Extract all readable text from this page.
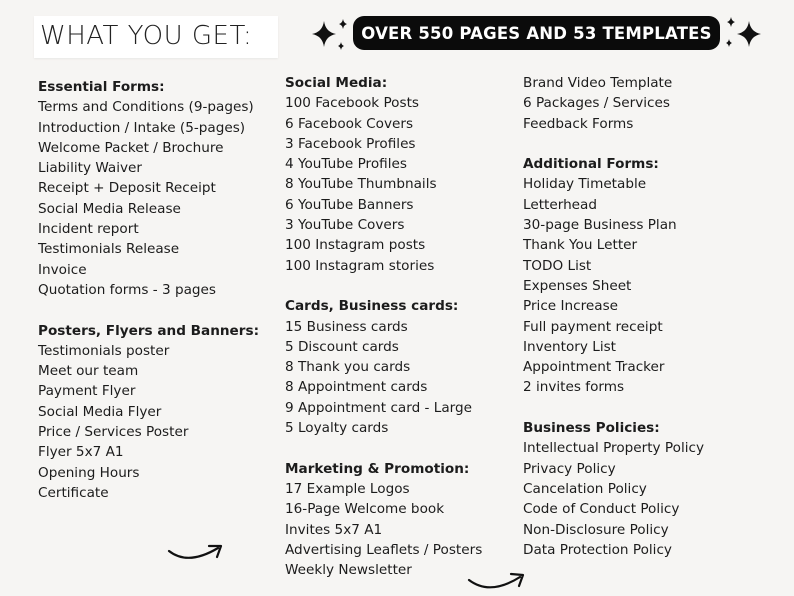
WHAT YOU GET:	OVER 550 PAGES AND 53 TEMPLATES
Essential Forms:
Terms and Conditions (9-pages)
Introduction / Intake (5-pages)
Welcome Packet / Brochure
Liability Waiver
Receipt + Deposit Receipt
Social Media Release
Incident report
Testimonials Release
Invoice
Quotation forms - 3 pages
Posters, Flyers and Banners:
Testimonials poster
Meet our team
Payment Flyer
Social Media Flyer
Price / Services Poster
Flyer 5x7 A1
Opening Hours
Certificate
Social Media:
100 Facebook Posts
6 Facebook Covers
3 Facebook Profiles
4 YouTube Profiles
8 YouTube Thumbnails
6 YouTube Banners
3 YouTube Covers
100 Instagram posts
100 Instagram stories
Cards, Business cards:
15 Business cards
5 Discount cards
8 Thank you cards
8 Appointment cards
9 Appointment card - Large
5 Loyalty cards
Marketing & Promotion:
17 Example Logos
16-Page Welcome book
Invites 5x7 A1
Advertising Leaflets / Posters
Weekly Newsletter
Brand Video Template
6 Packages / Services
Feedback Forms
Additional Forms:
Holiday Timetable
Letterhead
30-page Business Plan
Thank You Letter
TODO List
Expenses Sheet
Price Increase
Full payment receipt
Inventory List
Appointment Tracker
2 invites forms
Business Policies:
Intellectual Property Policy
Privacy Policy
Cancelation Policy
Code of Conduct Policy
Non-Disclosure Policy
Data Protection Policy
